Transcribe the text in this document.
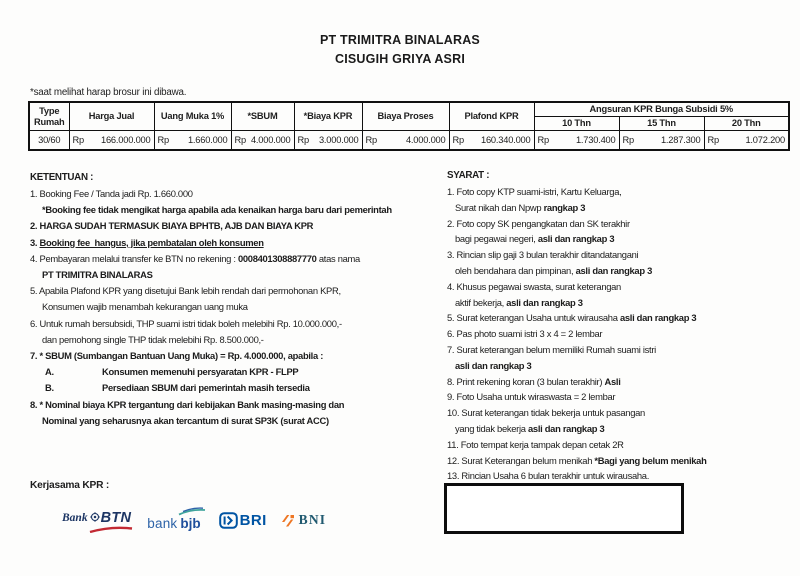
PT TRIMITRA BINALARAS
CISUGIH GRIYA ASRI
*saat melihat harap brosur ini dibawa.
Type Rumah	Harga Jual	Uang Muka 1%	*SBUM	*Biaya KPR	Biaya Proses	Plafond KPR	Angsuran KPR Bunga Subsidi 5%		
							10 Thn	15 Thn	20 Thn
30/60	Rp 166.000.000	Rp 1.660.000	Rp 4.000.000	Rp 3.000.000	Rp 4.000.000	Rp 160.340.000	Rp 1.730.400	Rp 1.287.300	Rp 1.072.200
KETENTUAN :
1. Booking Fee / Tanda jadi Rp. 1.660.000
*Booking fee tidak mengikat harga apabila ada kenaikan harga baru dari pemerintah
2. HARGA SUDAH TERMASUK BIAYA BPHTB, AJB DAN BIAYA KPR
3. Booking fee  hangus, jika pembatalan oleh konsumen
4. Pembayaran melalui transfer ke BTN no rekening : 0008401308887770 atas nama
PT TRIMITRA BINALARAS
5. Apabila Plafond KPR yang disetujui Bank lebih rendah dari permohonan KPR,
Konsumen wajib menambah kekurangan uang muka
6. Untuk rumah bersubsidi, THP suami istri tidak boleh melebihi Rp. 10.000.000,-
dan pemohong single THP tidak melebihi Rp. 8.500.000,-
7. * SBUM (Sumbangan Bantuan Uang Muka) = Rp. 4.000.000, apabila :
A.	Konsumen memenuhi persyaratan KPR - FLPP
B.	Persediaan SBUM dari pemerintah masih tersedia
8. * Nominal biaya KPR tergantung dari kebijakan Bank masing-masing dan
Nominal yang seharusnya akan tercantum di surat SP3K (surat ACC)
SYARAT :
1. Foto copy KTP suami-istri, Kartu Keluarga,
Surat nikah dan Npwp rangkap 3
2. Foto copy SK pengangkatan dan SK terakhir
bagi pegawai negeri, asli dan rangkap 3
3. Rincian slip gaji 3 bulan terakhir ditandatangani
oleh bendahara dan pimpinan, asli dan rangkap 3
4. Khusus pegawai swasta, surat keterangan
aktif bekerja, asli dan rangkap 3
5. Surat keterangan Usaha untuk wirausaha asli dan rangkap 3
6. Pas photo suami istri 3 x 4 = 2 lembar
7. Surat keterangan belum memiliki Rumah suami istri
asli dan rangkap 3
8. Print rekening koran (3 bulan terakhir) Asli
9. Foto Usaha untuk wiraswasta = 2 lembar
10. Surat keterangan tidak bekerja untuk pasangan
yang tidak bekerja asli dan rangkap 3
11. Foto tempat kerja tampak depan cetak 2R
12. Surat Keterangan belum menikah *Bagi yang belum menikah
13. Rincian Usaha 6 bulan terakhir untuk wirausaha.
Kerjasama KPR :
Bank BTN bank bjb	BRI BNI
